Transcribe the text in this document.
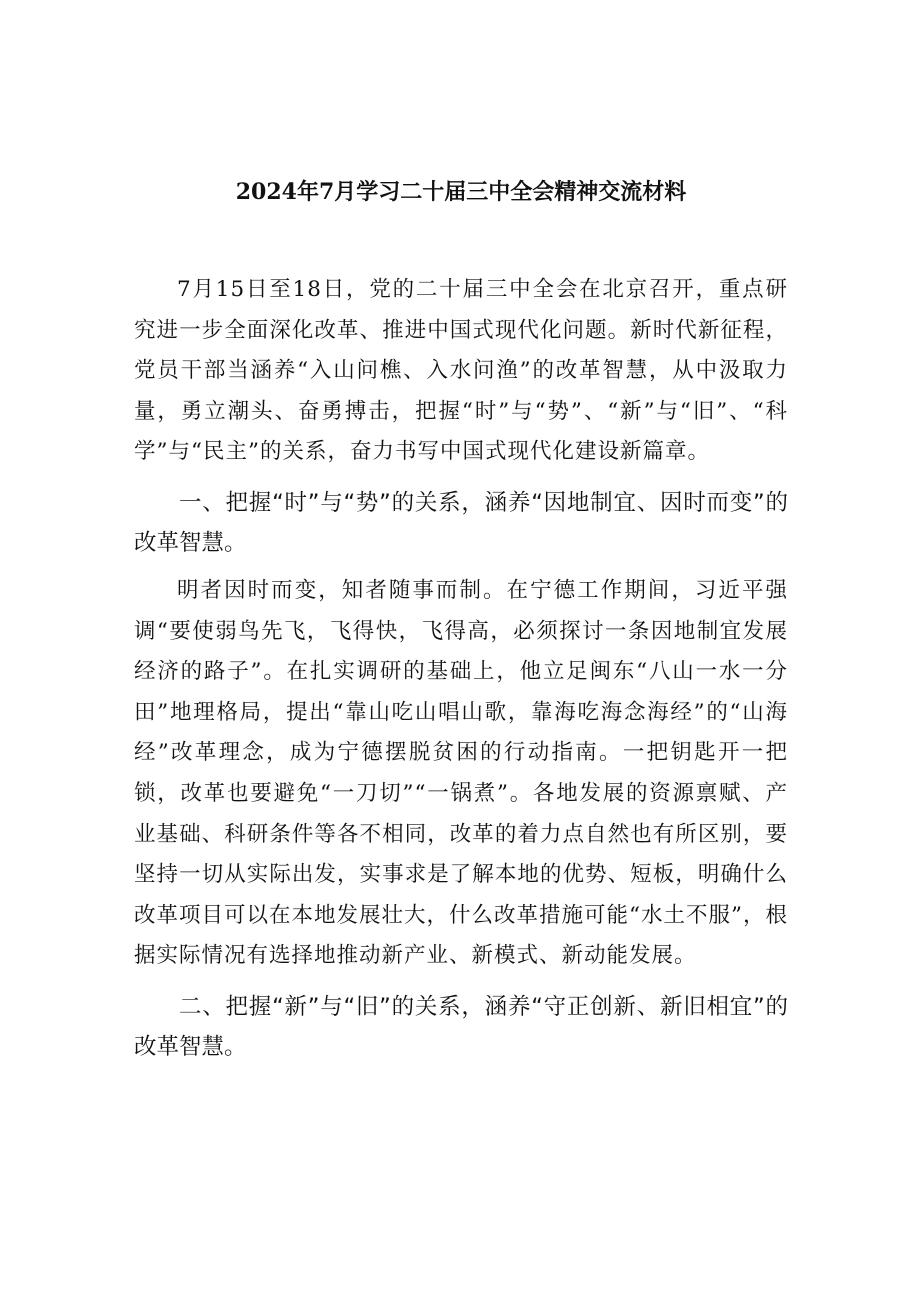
2024年7月学习二十届三中全会精神交流材料

7月15日至18日，党的二十届三中全会在北京召开，重点研究进一步全面深化改革、推进中国式现代化问题。新时代新征程，党员干部当涵养“入山问樵、入水问渔”的改革智慧，从中汲取力量，勇立潮头、奋勇搏击，把握“时”与“势”、“新”与“旧”、“科学”与“民主”的关系，奋力书写中国式现代化建设新篇章。

一、把握“时”与“势”的关系，涵养“因地制宜、因时而变”的改革智慧。

明者因时而变，知者随事而制。在宁德工作期间，习近平强调“要使弱鸟先飞，飞得快，飞得高，必须探讨一条因地制宜发展经济的路子”。在扎实调研的基础上，他立足闽东“八山一水一分田”地理格局，提出“靠山吃山唱山歌，靠海吃海念海经”的“山海经”改革理念，成为宁德摆脱贫困的行动指南。一把钥匙开一把锁，改革也要避免“一刀切”“一锅煮”。各地发展的资源禀赋、产业基础、科研条件等各不相同，改革的着力点自然也有所区别，要坚持一切从实际出发，实事求是了解本地的优势、短板，明确什么改革项目可以在本地发展壮大，什么改革措施可能“水土不服”，根据实际情况有选择地推动新产业、新模式、新动能发展。

二、把握“新”与“旧”的关系，涵养“守正创新、新旧相宜”的改革智慧。
